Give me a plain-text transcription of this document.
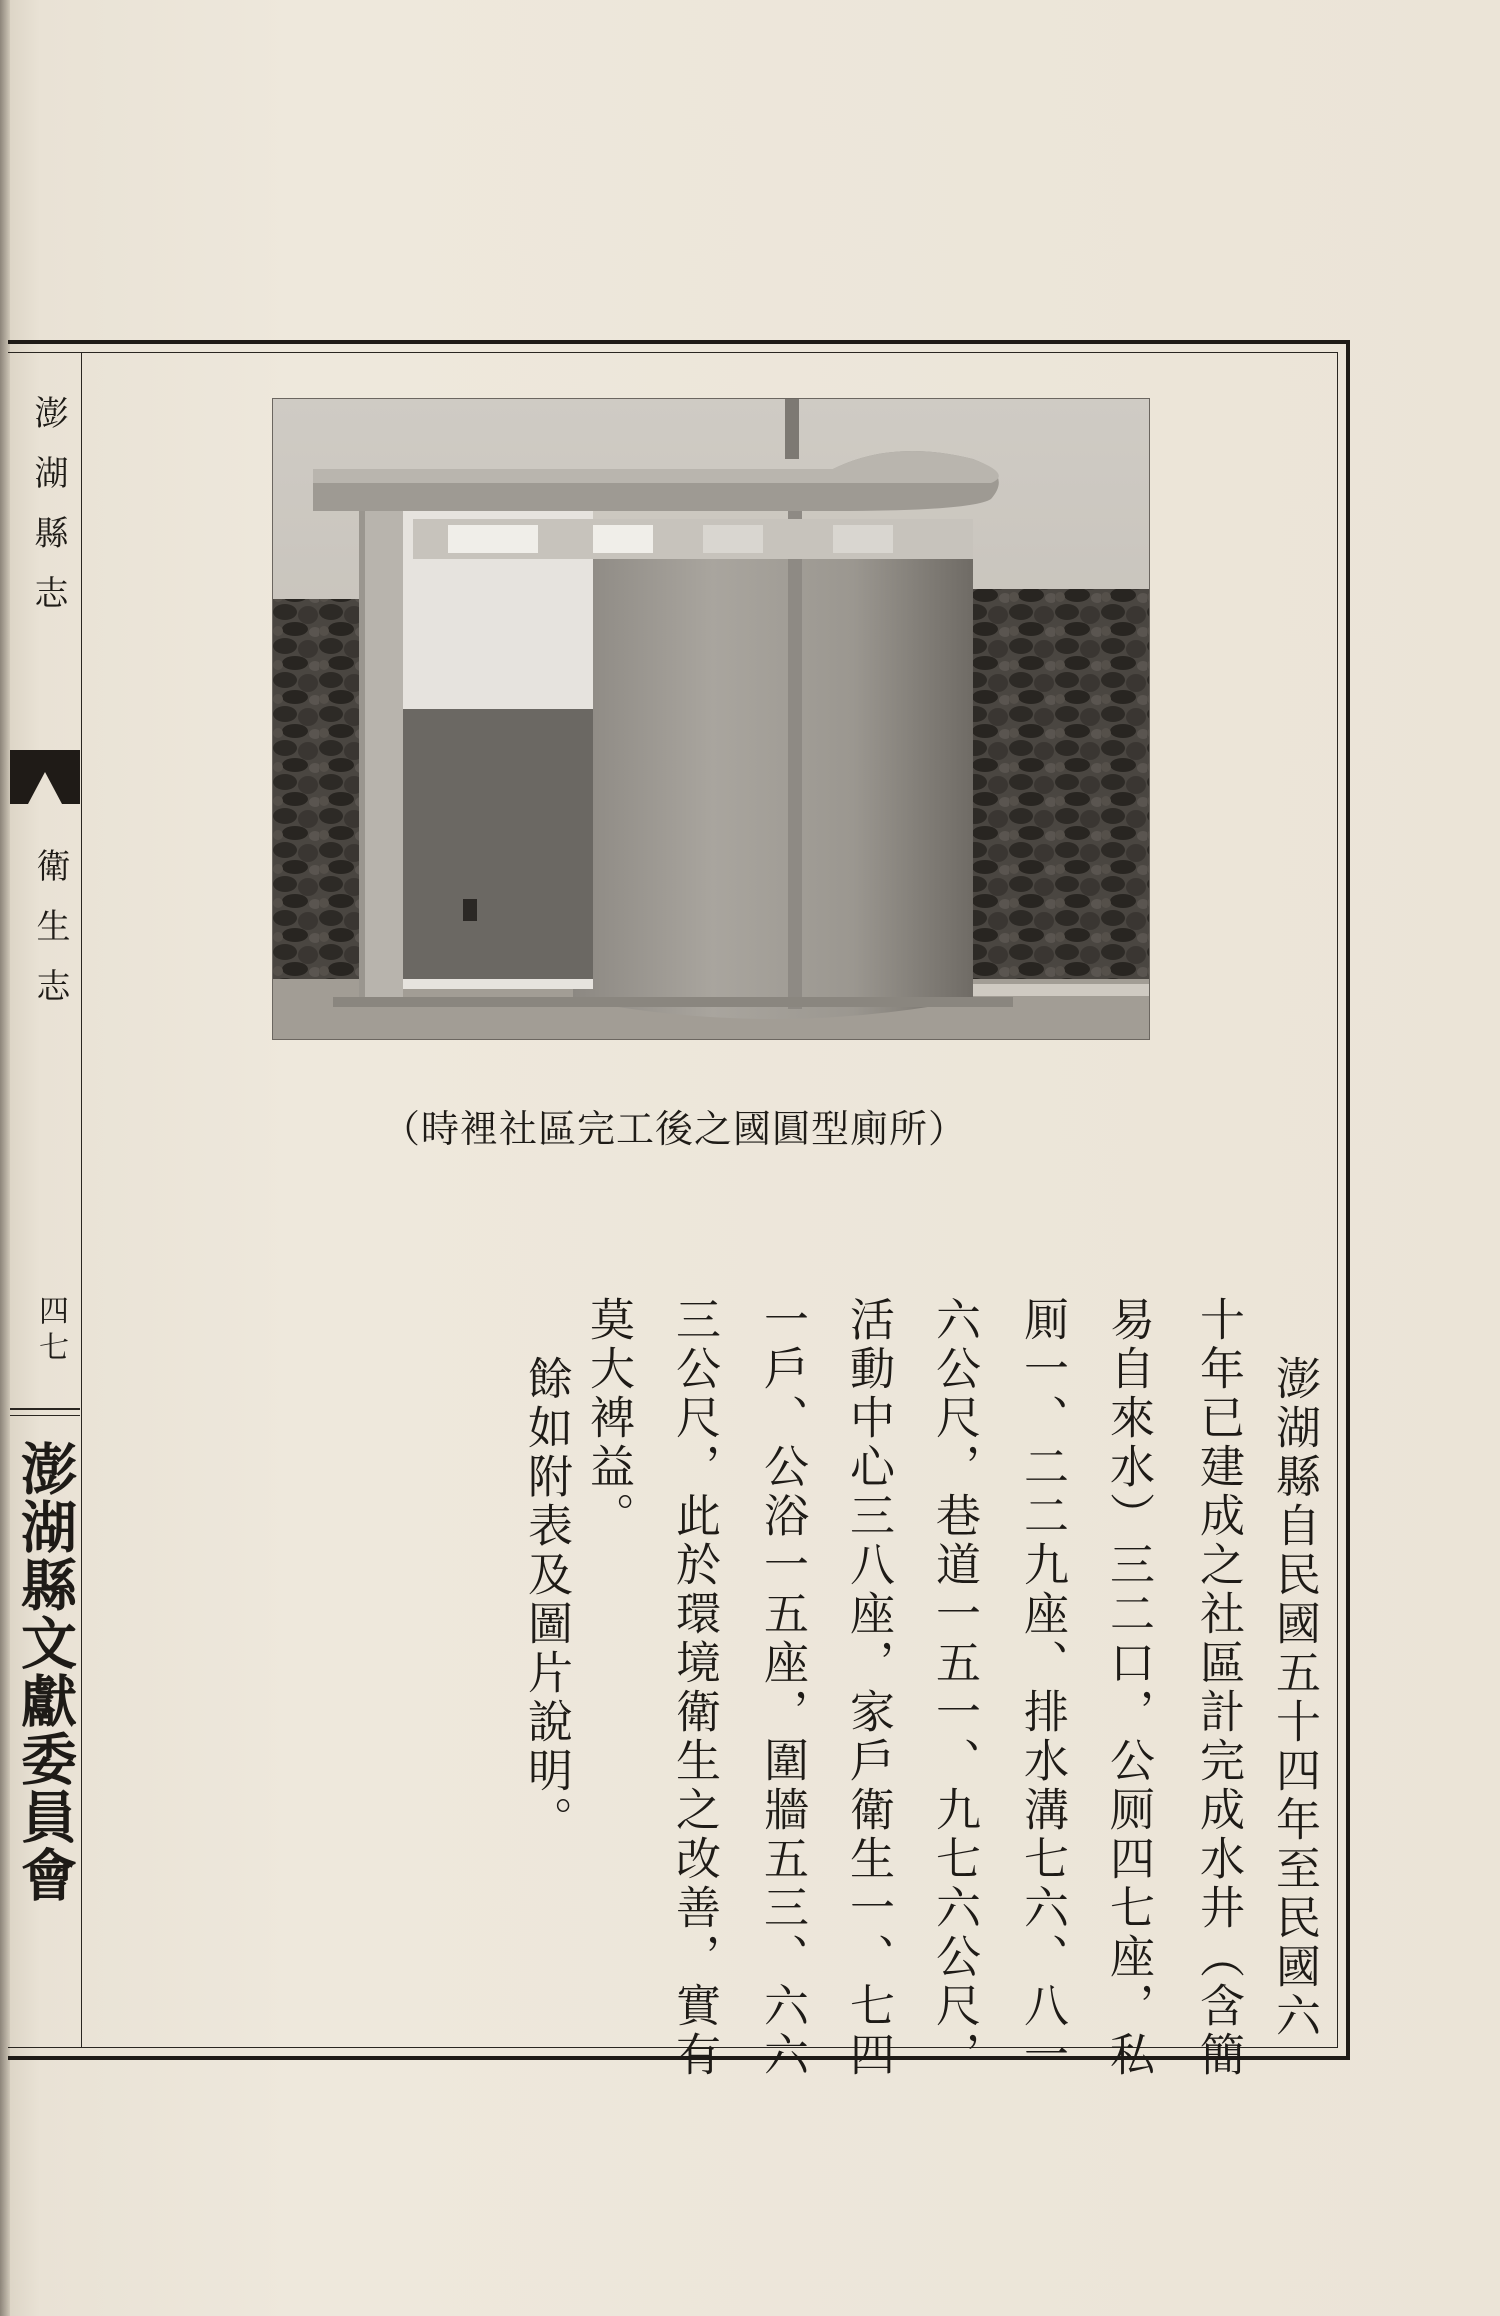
澎湖縣志
衛生志
四七
澎湖縣文獻委員會
（時裡社區完工後之國圓型廁所）
澎湖縣自民國五十四年至民國六
十年已建成之社區計完成水井（含簡
易自來水）三二口，公厕四七座，私
厠一、二二九座、排水溝七六、八一
六公尺，巷道一五一、九七六公尺，
活動中心三八座，家戶衛生一、七四
一戶、公浴一五座，圍牆五三、六六
三公尺，此於環境衛生之改善，實有
莫大裨益。
餘如附表及圖片說明。
